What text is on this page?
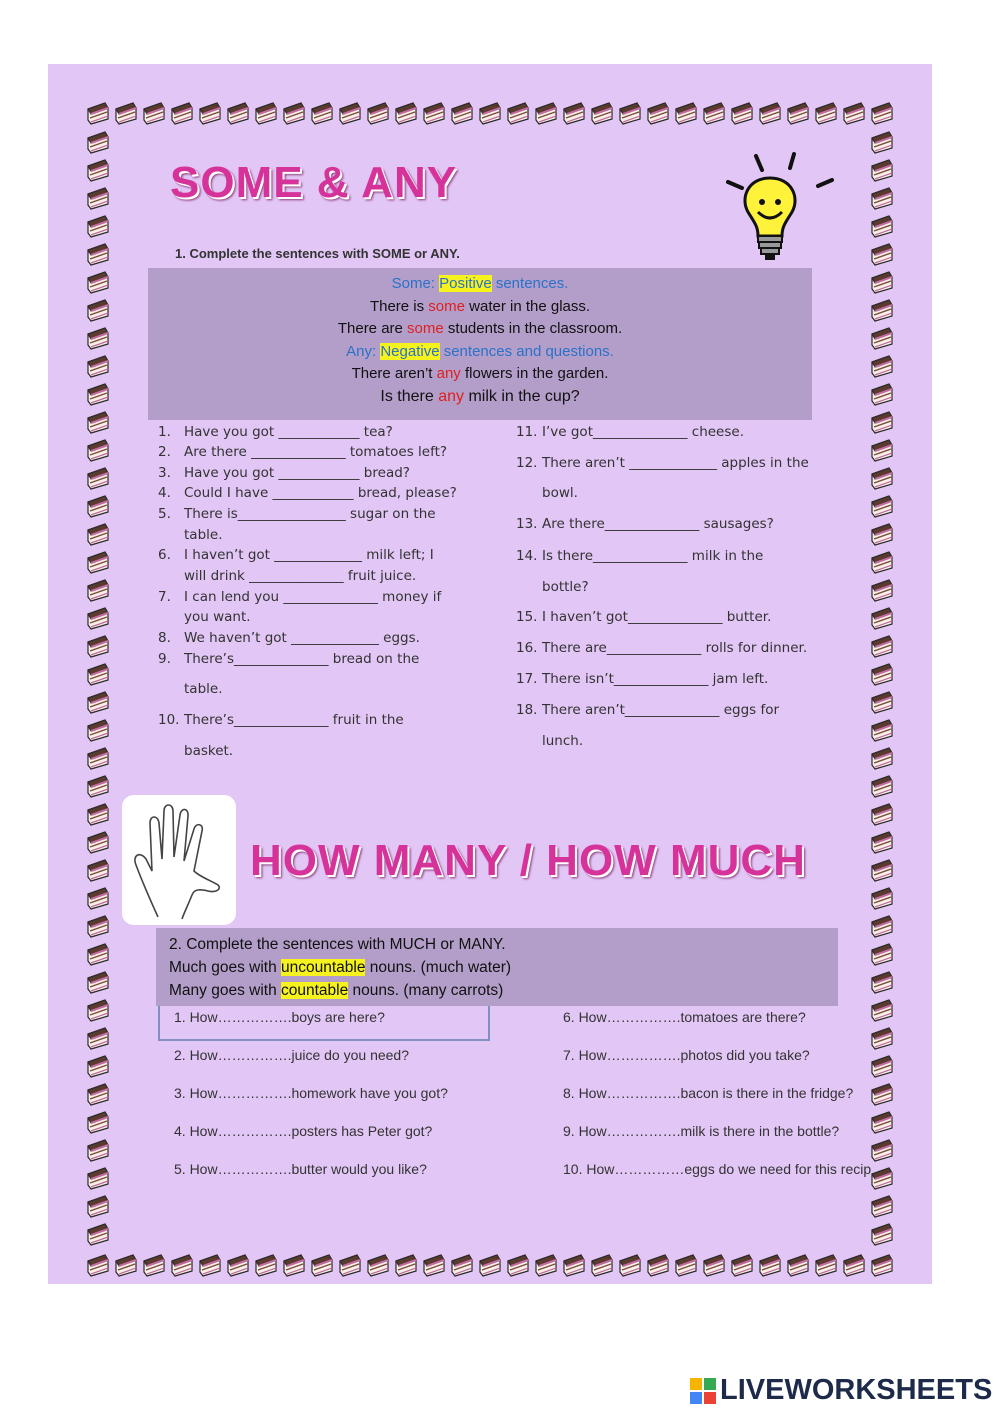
SOME & ANY
1. Complete the sentences with SOME or ANY.
Some: Positive sentences.
There is some water in the glass.
There are some students in the classroom.
Any: Negative sentences and questions.
There aren’t any flowers in the garden.
Is there any milk in the cup?
1. Have you got ____________ tea?
2. Are there ______________ tomatoes left?
3. Have you got ____________ bread?
4. Could I have ____________ bread, please?
5. There is________________ sugar on the
table.
6. I haven’t got _____________ milk left; I
will drink ______________ fruit juice.
7. I can lend you ______________ money if
you want.
8. We haven’t got _____________ eggs.
9. There’s______________ bread on the
table.
10. There’s______________ fruit in the
basket.
11. I’ve got______________ cheese.
12. There aren’t _____________ apples in the
bowl.
13. Are there______________ sausages?
14. Is there______________ milk in the
bottle?
15. I haven’t got______________ butter.
16. There are______________ rolls for dinner.
17. There isn’t______________ jam left.
18. There aren’t______________ eggs for
lunch.
HOW MANY / HOW MUCH
2. Complete the sentences with MUCH or MANY.
Much goes with uncountable nouns. (much water)
Many goes with countable nouns. (many carrots)
1. How…………….boys are here?
2. How…………….juice do you need?
3. How…………….homework have you got?
4. How…………….posters has Peter got?
5. How…………….butter would you like?
6. How…………….tomatoes are there?
7. How…………….photos did you take?
8. How…………….bacon is there in the fridge?
9. How…………….milk is there in the bottle?
10. How……………eggs do we need for this recip
LIVEWORKSHEETS
